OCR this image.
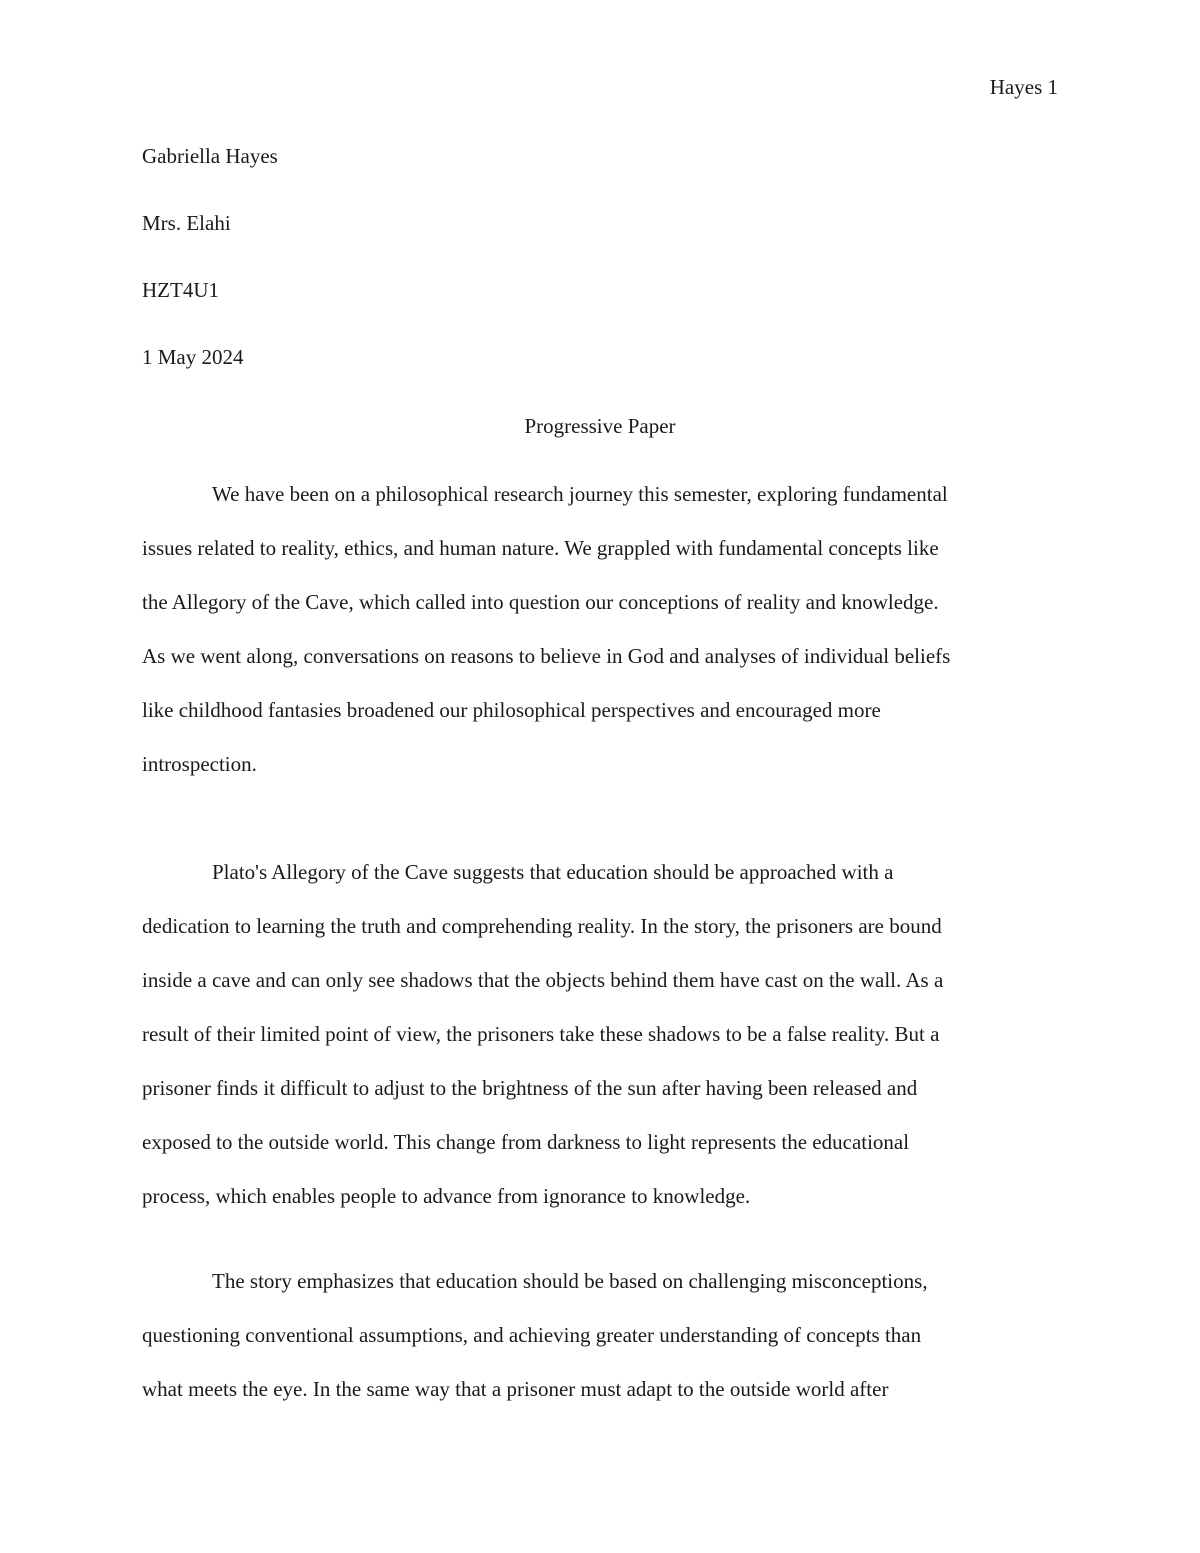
Hayes 1
Gabriella Hayes
Mrs. Elahi
HZT4U1
1 May 2024
Progressive Paper

We have been on a philosophical research journey this semester, exploring fundamental
issues related to reality, ethics, and human nature. We grappled with fundamental concepts like
the Allegory of the Cave, which called into question our conceptions of reality and knowledge.
As we went along, conversations on reasons to believe in God and analyses of individual beliefs
like childhood fantasies broadened our philosophical perspectives and encouraged more
introspection.

Plato's Allegory of the Cave suggests that education should be approached with a
dedication to learning the truth and comprehending reality. In the story, the prisoners are bound
inside a cave and can only see shadows that the objects behind them have cast on the wall. As a
result of their limited point of view, the prisoners take these shadows to be a false reality. But a
prisoner finds it difficult to adjust to the brightness of the sun after having been released and
exposed to the outside world. This change from darkness to light represents the educational
process, which enables people to advance from ignorance to knowledge.

The story emphasizes that education should be based on challenging misconceptions,
questioning conventional assumptions, and achieving greater understanding of concepts than
what meets the eye. In the same way that a prisoner must adapt to the outside world after
